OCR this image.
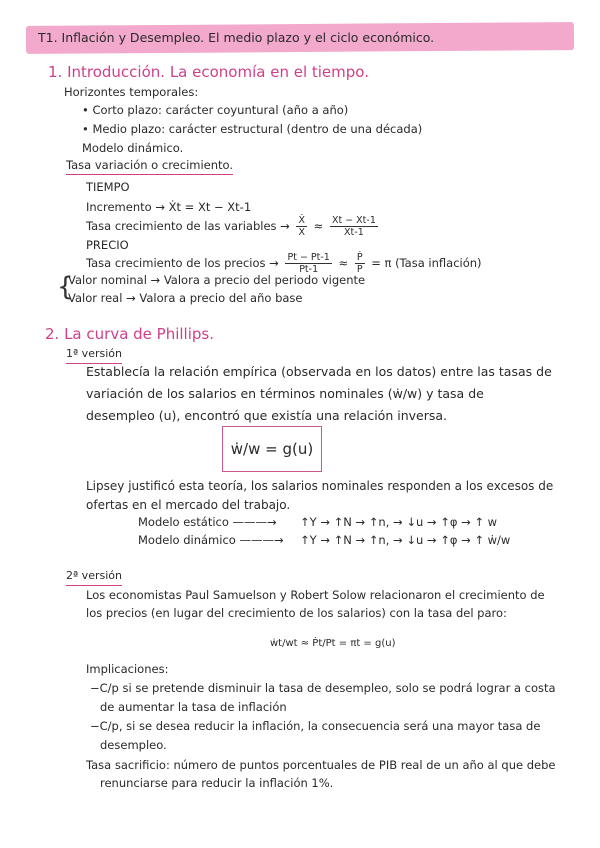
T1. Inflación y Desempleo. El medio plazo y el ciclo económico.
1. Introducción. La economía en el tiempo.
Horizontes temporales:
• Corto plazo: carácter coyuntural (año a año)
• Medio plazo: carácter estructural (dentro de una década)
Modelo dinámico.
Tasa variación o crecimiento.
TIEMPO
Incremento → Ẋt = Xt − Xt-1
Tasa crecimiento de las variables → $\frac{\text{Ẋ}}{X} \approx \frac{Xt - Xt-1}{Xt-1}$
PRECIO
Tasa crecimiento de los precios → $\frac{Pt - Pt-1}{Pt-1} \approx \frac{\text{Ṗ}}{P} = \pi$ (Tasa inflación)
{
Valor nominal → Valora a precio del periodo vigente
Valor real → Valora a precio del año base
2. La curva de Phillips.
1ª versión
Establecía la relación empírica (observada en los datos) entre las tasas de
variación de los salarios en términos nominales (ẇ/w) y tasa de
desempleo (u), encontró que existía una relación inversa.
ẇ/w = g(u)
Lipsey justificó esta teoría, los salarios nominales responden a los excesos de
ofertas en el mercado del trabajo.
Modelo estático ———→ ↑Y → ↑N → ↑n, → ↓u → ↑φ → ↑ w
Modelo dinámico ———→ ↑Y → ↑N → ↑n, → ↓u → ↑φ → ↑ ẇ/w
2ª versión
Los economistas Paul Samuelson y Robert Solow relacionaron el crecimiento de
los precios (en lugar del crecimiento de los salarios) con la tasa del paro:
ẇt/wt ≈ Ṗt/Pt = πt = g(u)
Implicaciones:
−C/p si se pretende disminuir la tasa de desempleo, solo se podrá lograr a costa
de aumentar la tasa de inflación
−C/p, si se desea reducir la inflación, la consecuencia será una mayor tasa de
desempleo.
Tasa sacrificio: número de puntos porcentuales de PIB real de un año al que debe
renunciarse para reducir la inflación 1%.
